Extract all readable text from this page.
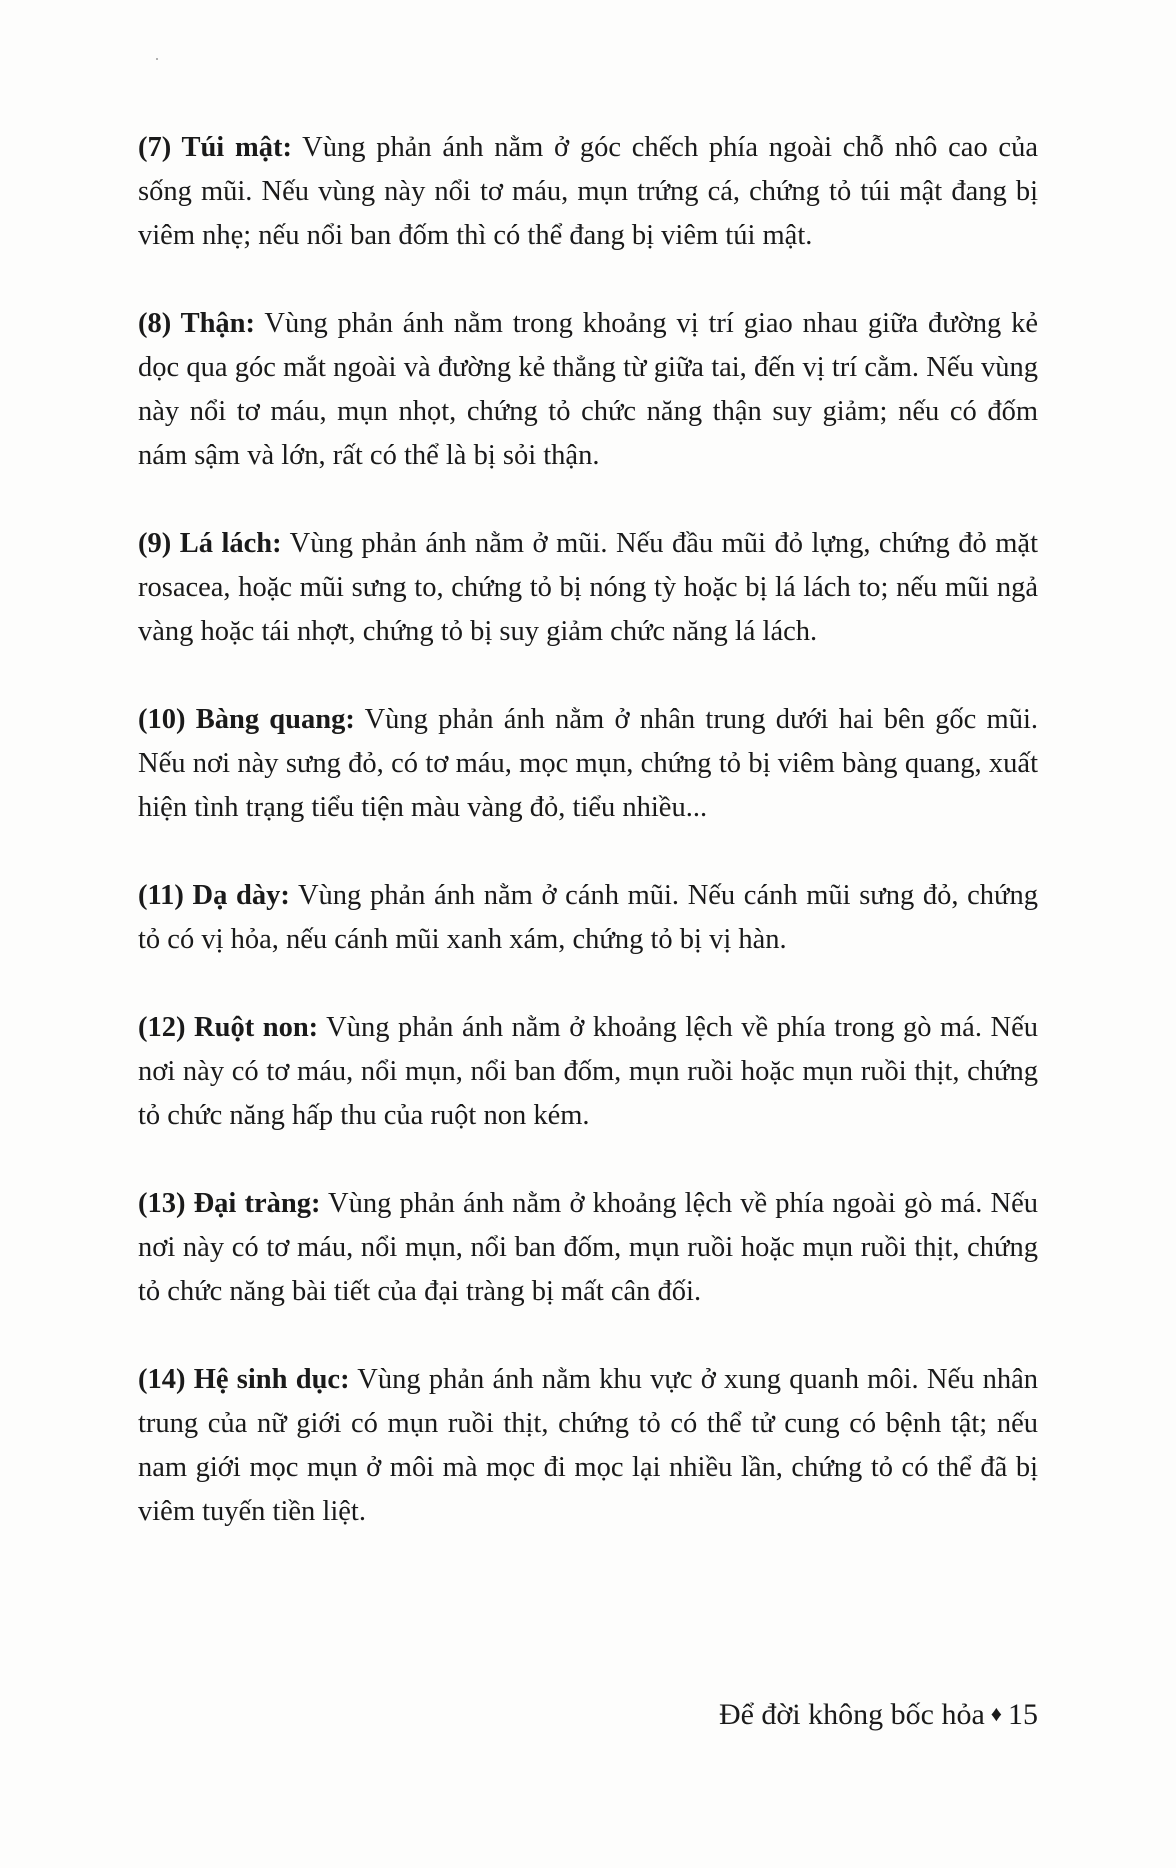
(7) Túi mật: Vùng phản ánh nằm ở góc chếch phía ngoài chỗ nhô cao của sống mũi. Nếu vùng này nổi tơ máu, mụn trứng cá, chứng tỏ túi mật đang bị viêm nhẹ; nếu nổi ban đốm thì có thể đang bị viêm túi mật.

(8) Thận: Vùng phản ánh nằm trong khoảng vị trí giao nhau giữa đường kẻ dọc qua góc mắt ngoài và đường kẻ thẳng từ giữa tai, đến vị trí cằm. Nếu vùng này nổi tơ máu, mụn nhọt, chứng tỏ chức năng thận suy giảm; nếu có đốm nám sậm và lớn, rất có thể là bị sỏi thận.

(9) Lá lách: Vùng phản ánh nằm ở mũi. Nếu đầu mũi đỏ lựng, chứng đỏ mặt rosacea, hoặc mũi sưng to, chứng tỏ bị nóng tỳ hoặc bị lá lách to; nếu mũi ngả vàng hoặc tái nhợt, chứng tỏ bị suy giảm chức năng lá lách.

(10) Bàng quang: Vùng phản ánh nằm ở nhân trung dưới hai bên gốc mũi. Nếu nơi này sưng đỏ, có tơ máu, mọc mụn, chứng tỏ bị viêm bàng quang, xuất hiện tình trạng tiểu tiện màu vàng đỏ, tiểu nhiều...

(11) Dạ dày: Vùng phản ánh nằm ở cánh mũi. Nếu cánh mũi sưng đỏ, chứng tỏ có vị hỏa, nếu cánh mũi xanh xám, chứng tỏ bị vị hàn.

(12) Ruột non: Vùng phản ánh nằm ở khoảng lệch về phía trong gò má. Nếu nơi này có tơ máu, nổi mụn, nổi ban đốm, mụn ruồi hoặc mụn ruồi thịt, chứng tỏ chức năng hấp thu của ruột non kém.

(13) Đại tràng: Vùng phản ánh nằm ở khoảng lệch về phía ngoài gò má. Nếu nơi này có tơ máu, nổi mụn, nổi ban đốm, mụn ruồi hoặc mụn ruồi thịt, chứng tỏ chức năng bài tiết của đại tràng bị mất cân đối.

(14) Hệ sinh dục: Vùng phản ánh nằm khu vực ở xung quanh môi. Nếu nhân trung của nữ giới có mụn ruồi thịt, chứng tỏ có thể tử cung có bệnh tật; nếu nam giới mọc mụn ở môi mà mọc đi mọc lại nhiều lần, chứng tỏ có thể đã bị viêm tuyến tiền liệt.

Để đời không bốc hỏa ♦ 15
